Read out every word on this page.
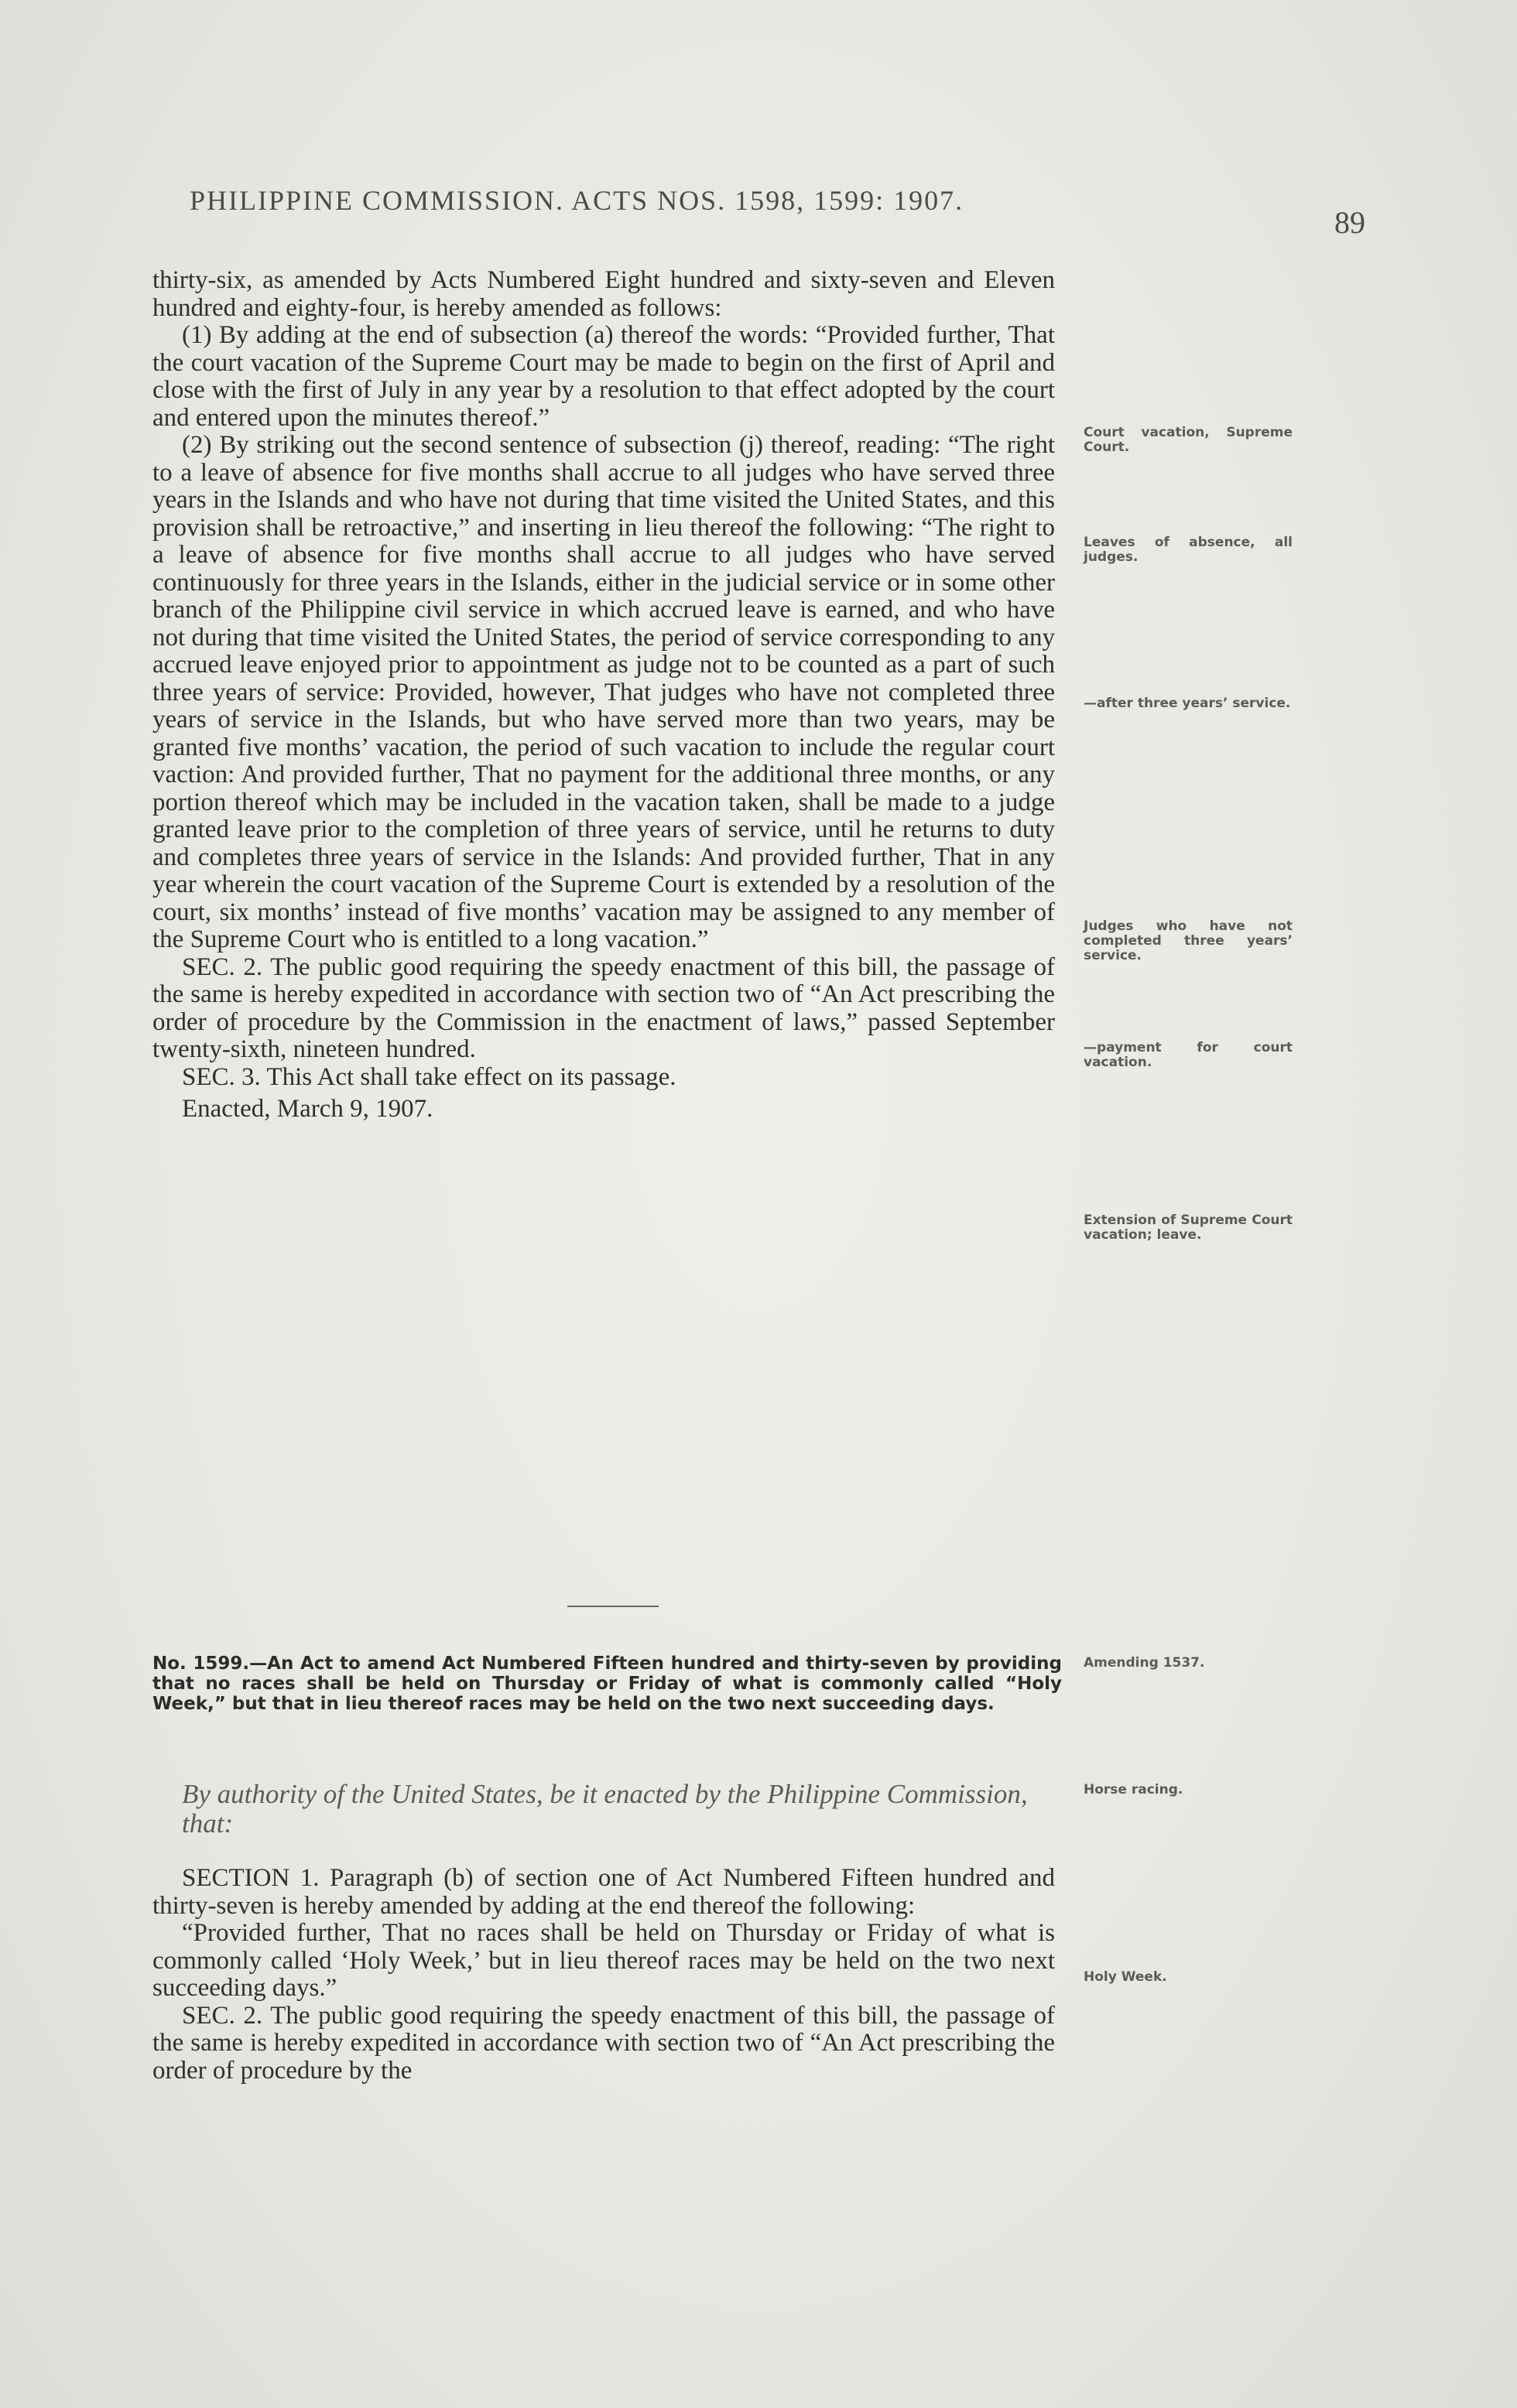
PHILIPPINE COMMISSION. ACTS NOS. 1598, 1599: 1907.
89

thirty-six, as amended by Acts Numbered Eight hundred and sixty-seven and Eleven hundred and eighty-four, is hereby amended as follows:

(1) By adding at the end of subsection (a) thereof the words: “Provided further, That the court vacation of the Supreme Court may be made to begin on the first of April and close with the first of July in any year by a resolution to that effect adopted by the court and entered upon the minutes thereof.”

(2) By striking out the second sentence of subsection (j) thereof, reading: “The right to a leave of absence for five months shall accrue to all judges who have served three years in the Islands and who have not during that time visited the United States, and this provision shall be retroactive,” and inserting in lieu thereof the following: “The right to a leave of absence for five months shall accrue to all judges who have served continuously for three years in the Islands, either in the judicial service or in some other branch of the Philippine civil service in which accrued leave is earned, and who have not during that time visited the United States, the period of service corresponding to any accrued leave enjoyed prior to appointment as judge not to be counted as a part of such three years of service: Provided, however, That judges who have not completed three years of service in the Islands, but who have served more than two years, may be granted five months’ vacation, the period of such vacation to include the regular court vaction: And provided further, That no payment for the additional three months, or any portion thereof which may be included in the vacation taken, shall be made to a judge granted leave prior to the completion of three years of service, until he returns to duty and completes three years of service in the Islands: And provided further, That in any year wherein the court vacation of the Supreme Court is extended by a resolution of the court, six months’ instead of five months’ vacation may be assigned to any member of the Supreme Court who is entitled to a long vacation.”

SEC. 2. The public good requiring the speedy enactment of this bill, the passage of the same is hereby expedited in accordance with section two of “An Act prescribing the order of procedure by the Commission in the enactment of laws,” passed September twenty-sixth, nineteen hundred.

SEC. 3. This Act shall take effect on its passage.

Enacted, March 9, 1907.

Court vacation, Supreme Court.
Leaves of absence, all judges.
—after three years’ service.
Judges who have not completed three years’ service.
—payment for court vacation.
Extension of Supreme Court vacation; leave.

No. 1599.—An Act to amend Act Numbered Fifteen hundred and thirty-seven by providing that no races shall be held on Thursday or Friday of what is commonly called “Holy Week,” but that in lieu thereof races may be held on the two next succeeding days.

Amending 1537.
By authority of the United States, be it enacted by the Philippine Commission, that:
Horse racing.

SECTION 1. Paragraph (b) of section one of Act Numbered Fifteen hundred and thirty-seven is hereby amended by adding at the end thereof the following:

“Provided further, That no races shall be held on Thursday or Friday of what is commonly called ‘Holy Week,’ but in lieu thereof races may be held on the two next succeeding days.”

SEC. 2. The public good requiring the speedy enactment of this bill, the passage of the same is hereby expedited in accordance with section two of “An Act prescribing the order of procedure by the

Holy Week.
